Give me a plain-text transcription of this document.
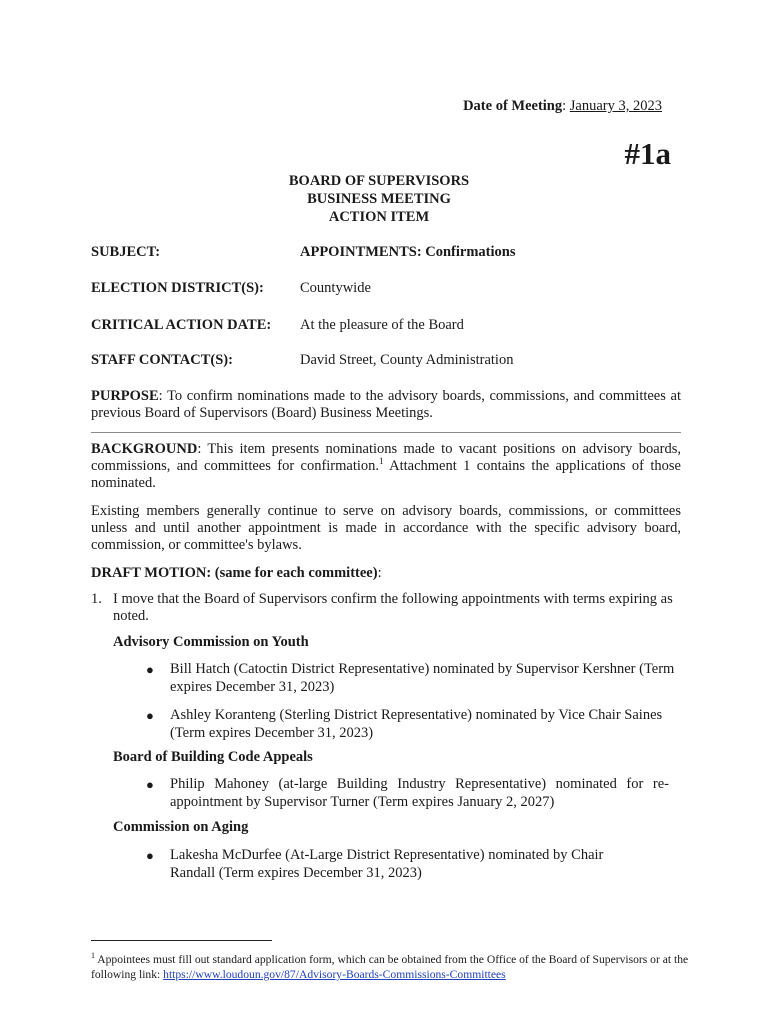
Date of Meeting: January 3, 2023
#1a
BOARD OF SUPERVISORS
BUSINESS MEETING
ACTION ITEM
SUBJECT:	APPOINTMENTS: Confirmations
ELECTION DISTRICT(S): Countywide
CRITICAL ACTION DATE: At the pleasure of the Board
STAFF CONTACT(S):	David Street, County Administration
PURPOSE: To confirm nominations made to the advisory boards, commissions, and committees at previous Board of Supervisors (Board) Business Meetings.
BACKGROUND: This item presents nominations made to vacant positions on advisory boards, commissions, and committees for confirmation.$^1$ Attachment 1 contains the applications of those nominated.
Existing members generally continue to serve on advisory boards, commissions, or committees unless and until another appointment is made in accordance with the specific advisory board, commission, or committee's bylaws.
DRAFT MOTION: (same for each committee):
1. I move that the Board of Supervisors confirm the following appointments with terms expiring as noted.
Advisory Commission on Youth
● Bill Hatch (Catoctin District Representative) nominated by Supervisor Kershner (Term expires December 31, 2023)
● Ashley Koranteng (Sterling District Representative) nominated by Vice Chair Saines (Term expires December 31, 2023)
Board of Building Code Appeals
● Philip Mahoney (at-large Building Industry Representative) nominated for re-appointment by Supervisor Turner (Term expires January 2, 2027)
Commission on Aging
● Lakesha McDurfee (At-Large District Representative) nominated by Chair Randall (Term expires December 31, 2023)
$^1$ Appointees must fill out standard application form, which can be obtained from the Office of the Board of Supervisors or at the following link: https://www.loudoun.gov/87/Advisory-Boards-Commissions-Committees
